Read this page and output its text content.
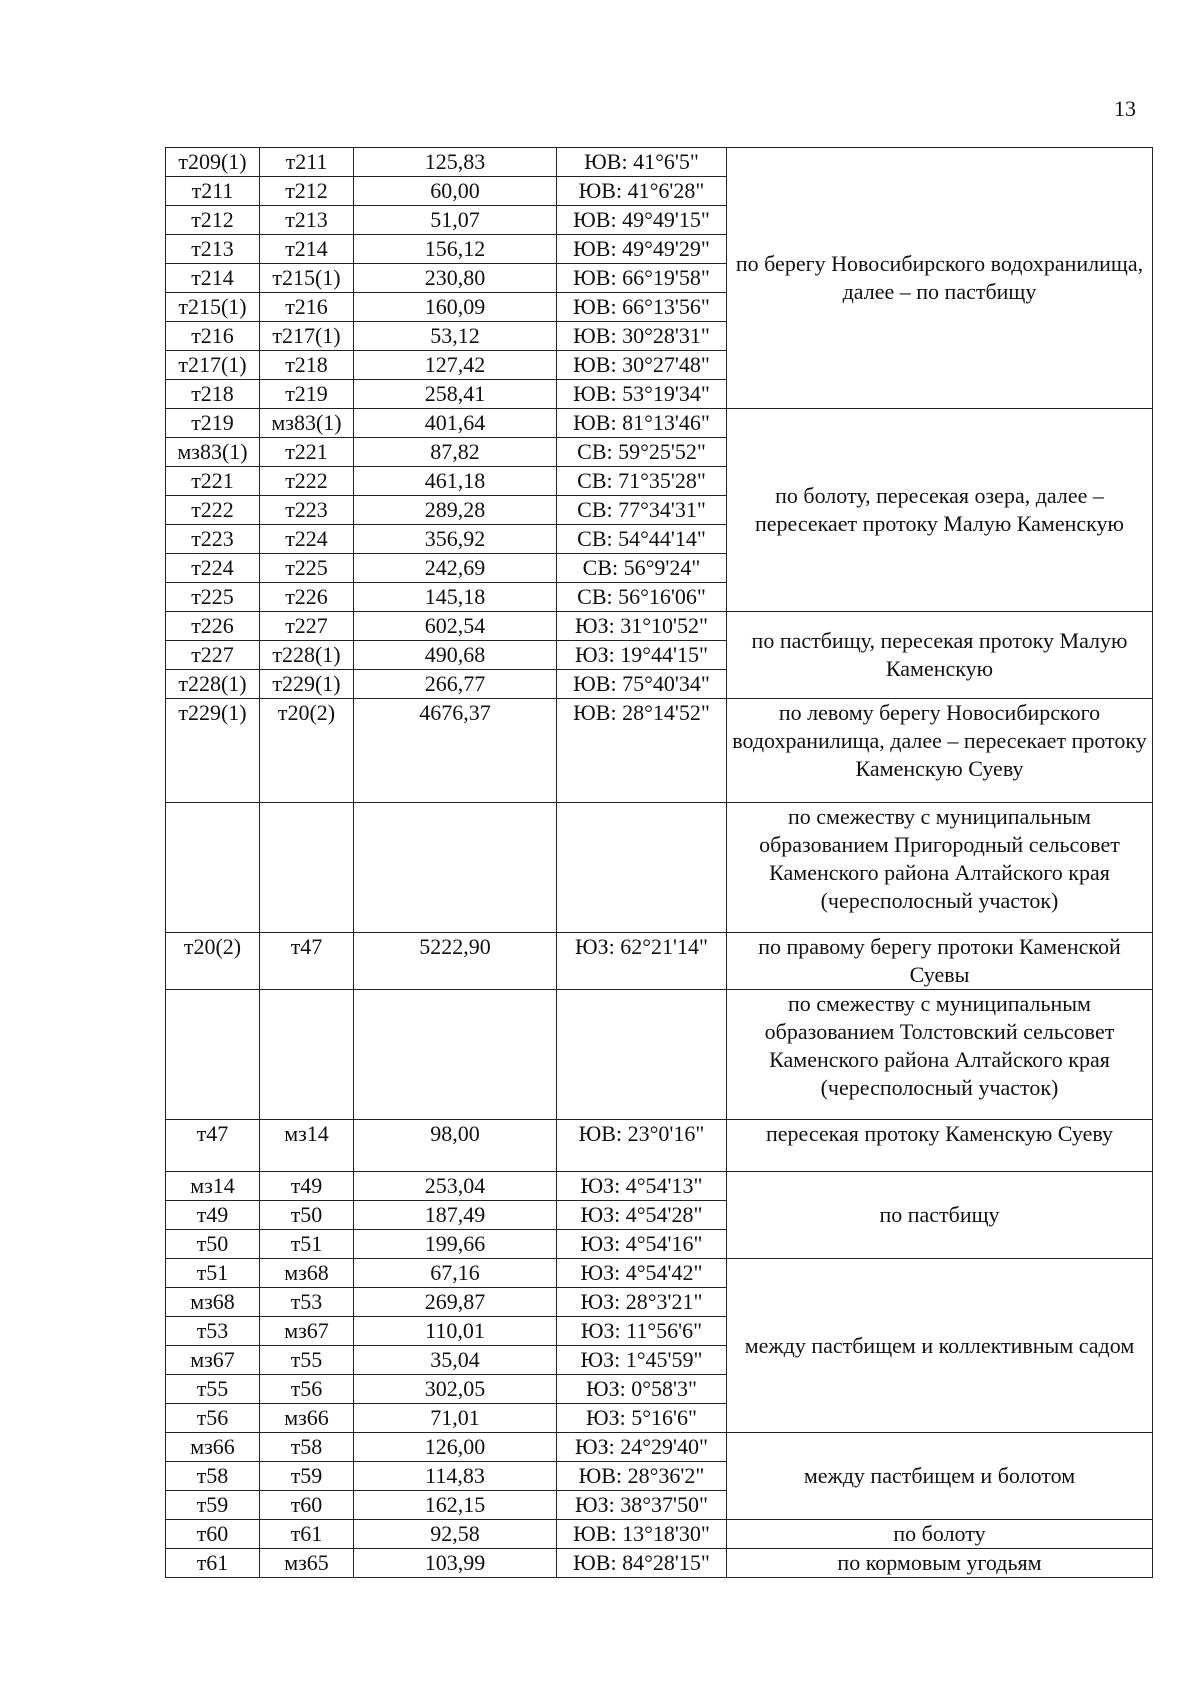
13
т209(1)	т211	125,83	ЮВ: 41°6'5"	по берегу Новосибирского водохранилища, далее – по пастбищу
т211	т212	60,00	ЮВ: 41°6'28"	
т212	т213	51,07	ЮВ: 49°49'15"	
т213	т214	156,12	ЮВ: 49°49'29"	
т214	т215(1)	230,80	ЮВ: 66°19'58"	
т215(1)	т216	160,09	ЮВ: 66°13'56"	
т216	т217(1)	53,12	ЮВ: 30°28'31"	
т217(1)	т218	127,42	ЮВ: 30°27'48"	
т218	т219	258,41	ЮВ: 53°19'34"	
т219	мз83(1)	401,64	ЮВ: 81°13'46"	по болоту, пересекая озера, далее – пересекает протоку Малую Каменскую
мз83(1)	т221	87,82	СВ: 59°25'52"	
т221	т222	461,18	СВ: 71°35'28"	
т222	т223	289,28	СВ: 77°34'31"	
т223	т224	356,92	СВ: 54°44'14"	
т224	т225	242,69	СВ: 56°9'24"	
т225	т226	145,18	СВ: 56°16'06"	
т226	т227	602,54	ЮЗ: 31°10'52"	по пастбищу, пересекая протоку Малую Каменскую
т227	т228(1)	490,68	ЮЗ: 19°44'15"	
т228(1)	т229(1)	266,77	ЮВ: 75°40'34"	
т229(1)	т20(2)	4676,37	ЮВ: 28°14'52"	по левому берегу Новосибирского водохранилища, далее – пересекает протоку Каменскую Суеву
				по смежеству с муниципальным образованием Пригородный сельсовет Каменского района Алтайского края (чересполосный участок)
т20(2)	т47	5222,90	ЮЗ: 62°21'14"	по правому берегу протоки Каменской Суевы
				по смежеству с муниципальным образованием Толстовский сельсовет Каменского района Алтайского края (чересполосный участок)
т47	мз14	98,00	ЮВ: 23°0'16"	пересекая протоку Каменскую Суеву
мз14	т49	253,04	ЮЗ: 4°54'13"	по пастбищу
т49	т50	187,49	ЮЗ: 4°54'28"	
т50	т51	199,66	ЮЗ: 4°54'16"	
т51	мз68	67,16	ЮЗ: 4°54'42"	между пастбищем и коллективным садом
мз68	т53	269,87	ЮЗ: 28°3'21"	
т53	мз67	110,01	ЮЗ: 11°56'6"	
мз67	т55	35,04	ЮЗ: 1°45'59"	
т55	т56	302,05	ЮЗ: 0°58'3"	
т56	мз66	71,01	ЮЗ: 5°16'6"	
мз66	т58	126,00	ЮЗ: 24°29'40"	между пастбищем и болотом
т58	т59	114,83	ЮВ: 28°36'2"	
т59	т60	162,15	ЮЗ: 38°37'50"	
т60	т61	92,58	ЮВ: 13°18'30"	по болоту
т61	мз65	103,99	ЮВ: 84°28'15"	по кормовым угодьям
